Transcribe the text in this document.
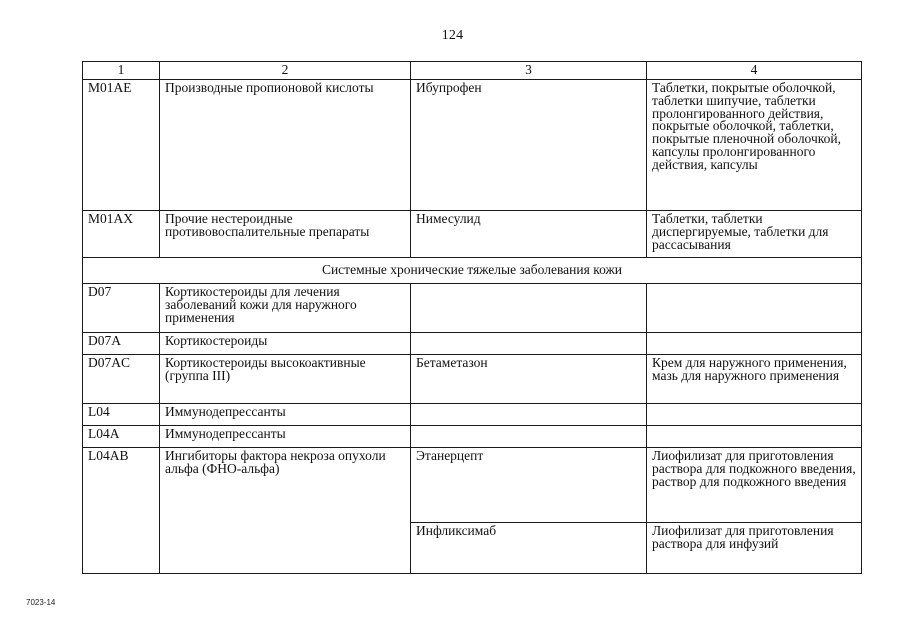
124
1	2	3	4
M01AE	Производные пропионовой кислоты	Ибупрофен	Таблетки, покрытые оболочкой, таблетки шипучие, таблетки пролонгированного действия, покрытые оболочкой, таблетки, покрытые пленочной оболочкой, капсулы пролонгированного действия, капсулы
M01AX	Прочие нестероидные противовоспалительные препараты	Нимесулид	Таблетки, таблетки диспергируемые, таблетки для рассасывания
Системные хронические тяжелые заболевания кожи			
D07	Кортикостероиды для лечения заболеваний кожи для наружного применения		
D07A	Кортикостероиды		
D07AC	Кортикостероиды высокоактивные (группа III)	Бетаметазон	Крем для наружного применения, мазь для наружного применения
L04	Иммунодепрессанты		
L04A	Иммунодепрессанты		
L04AB	Ингибиторы фактора некроза опухоли альфа (ФНО-альфа)	Этанерцепт	Лиофилизат для приготовления раствора для подкожного введения, раствор для подкожного введения
		Инфликсимаб	Лиофилизат для приготовления раствора для инфузий
7023-14
